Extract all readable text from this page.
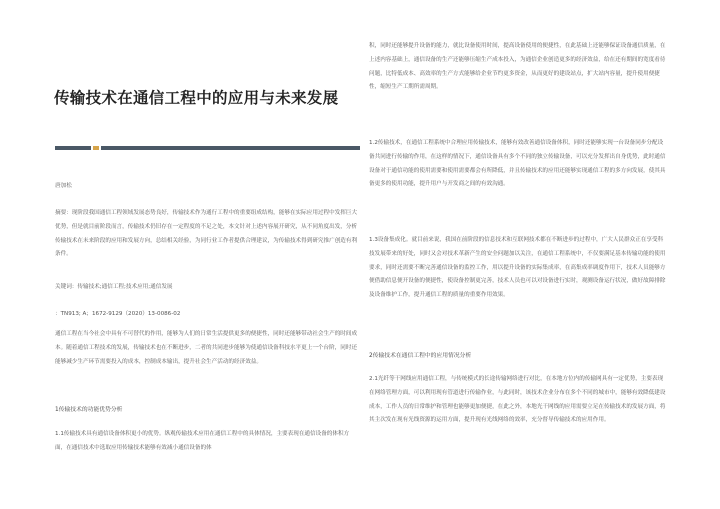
传输技术在通信工程中的应用与未来发展

唐加松

摘要：现阶段我国通信工程领域发展态势良好，传输技术作为通行工程中的重要组成结构，能够在实际应用过程中发挥巨大优势，但是就目前阶段而言，传输技术仍旧存在一定程度的不足之处，本文针对上述内容展开研究，从不同角度出发，分析传输技术在未来阶段的应用和发展方向，总结相关经验，为同行业工作者提供合理建议，为传输技术得到研究推广创造有利条件。

关键词：传输技术;通信工程;技术应用;通信发展

：TN913; A；1672-9129（2020）13-0086-02

通信工程在当今社会中具有不可替代的作用，能够为人们的日常生活提供更多的便捷性，同时还能够带动社会生产的时间成本。随着通信工程技术的发展，传输技术也在不断进步，二者的共同进步能够为使通信设备科技水平更上一个台阶，同时还能够减少生产环节需要投入的成本，控制成本输出，提升社会生产活动的经济效益。

1传输技术的功能优势分析

1.1传输技术具有通信设备体积更小的优势。纵观传输技术应用在通信工程中的具体情况，主要表现在通信设备的体积方面，在通信技术中选取应用传输技术能够有效减小通信设备的体

积，同时还能够提升设备的能力，就比设备使用时间，提高设备使用的便捷性，在此基础上还能够保证设备通信质量，在上述内容基础上，通信设备的生产还能够压缩生产成本投入，为通信企业创造更多的经济效益，给在还有期间的宽度看待问题，比特低成本、高效率的生产方式能够给企业节约更多资金，从而更好的建设站点，扩大站内容量，提升使用便捷性，缩短生产工期所需周期。

1.2传输技术，在通信工程系统中合理应用传输技术，能够有效改善通信设备体积，同时还能够实现一台设备同步分配设备共同进行传输的作用，在这样的情况下，通信设备具有多个不同的独立传输设备，可以充分发挥出自身优势，此时通信设备对于通信功能的使用需要和使用需要都会有所降低，并且传输技术的应用还能够实现通信工程的多方向发展，使其具备更多的使用功能，提升用户与开发商之间的有效沟通。

1.3设备集成化。就目前来说，我国在前阶段的信息技术和互联网技术都在不断进步的过程中，广大人民群众正在享受科技发展带来的好处，同时又会对技术革新产生的安全问题加以关注，在通信工程系统中，不仅要满足基本传输功能的使用要求，同时还需要不断完善通信设备的监控工作，用以提升设备的实际集成率，在高集成率调度作用下，技术人员能够方便借助信息便开设备的便捷性，使设备控制更完善，技术人员也可以对设备进行实时，观测设备运行状况，做好故障排除及设备维护工作，提升通信工程的质量的重要作用效果。

2传输技术在通信工程中的应用情况分析

2.1光纤等干网线应用通信工程，与传统模式的长途传输网络进行对比，在本地方位内的传输网具有一定优势，主要表现在网络管理方面，可以利用现有管道进行传输作业，与此同时，该技术企业分布在多个不同的城市中，能够有效降低建设成本，工作人员的日常维护和管理也能够更加便捷，在此之外，本地光干网线的应用需要立足在传输技术的发展方面，将其主次发在现有光线资源的运用方面，提升现有光线网络的效率，充分督导传输技术的应用作用。
